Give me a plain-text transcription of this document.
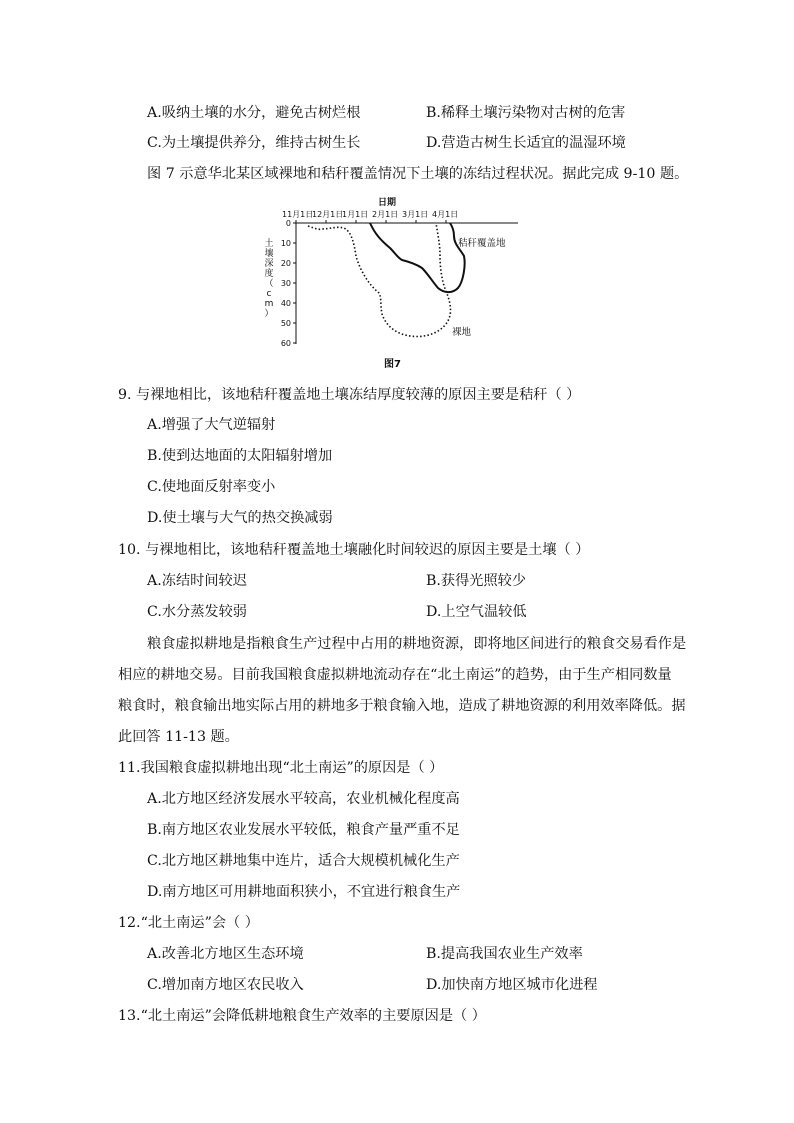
A.吸纳土壤的水分，避免古树烂根	B.稀释土壤污染物对古树的危害
C.为土壤提供养分，维持古树生长	D.营造古树生长适宜的温湿环境
图 7 示意华北某区域裸地和秸秆覆盖情况下土壤的冻结过程状况。据此完成 9-10 题。
日期
11月1日
12月1日
1月1日 2月1日 3月1日 4月1日
0
10
20
30
40
50
60
土
壤
深
度
（
c
m
）
秸秆覆盖地
裸地
图7
9. 与裸地相比，该地秸秆覆盖地土壤冻结厚度较薄的原因主要是秸秆（ ）
A.增强了大气逆辐射
B.使到达地面的太阳辐射增加
C.使地面反射率变小
D.使土壤与大气的热交换减弱
10. 与裸地相比，该地秸秆覆盖地土壤融化时间较迟的原因主要是土壤（ ）
A.冻结时间较迟	B.获得光照较少
C.水分蒸发较弱	D.上空气温较低
粮食虚拟耕地是指粮食生产过程中占用的耕地资源，即将地区间进行的粮食交易看作是
相应的耕地交易。目前我国粮食虚拟耕地流动存在“北土南运”的趋势，由于生产相同数量
粮食时，粮食输出地实际占用的耕地多于粮食输入地，造成了耕地资源的利用效率降低。据
此回答 11-13 题。
11.我国粮食虚拟耕地出现“北土南运”的原因是（ ）
A.北方地区经济发展水平较高，农业机械化程度高
B.南方地区农业发展水平较低，粮食产量严重不足
C.北方地区耕地集中连片，适合大规模机械化生产
D.南方地区可用耕地面积狭小，不宜进行粮食生产
12.“北土南运”会（ ）
A.改善北方地区生态环境	B.提高我国农业生产效率
C.增加南方地区农民收入	D.加快南方地区城市化进程
13.“北土南运”会降低耕地粮食生产效率的主要原因是（ ）
